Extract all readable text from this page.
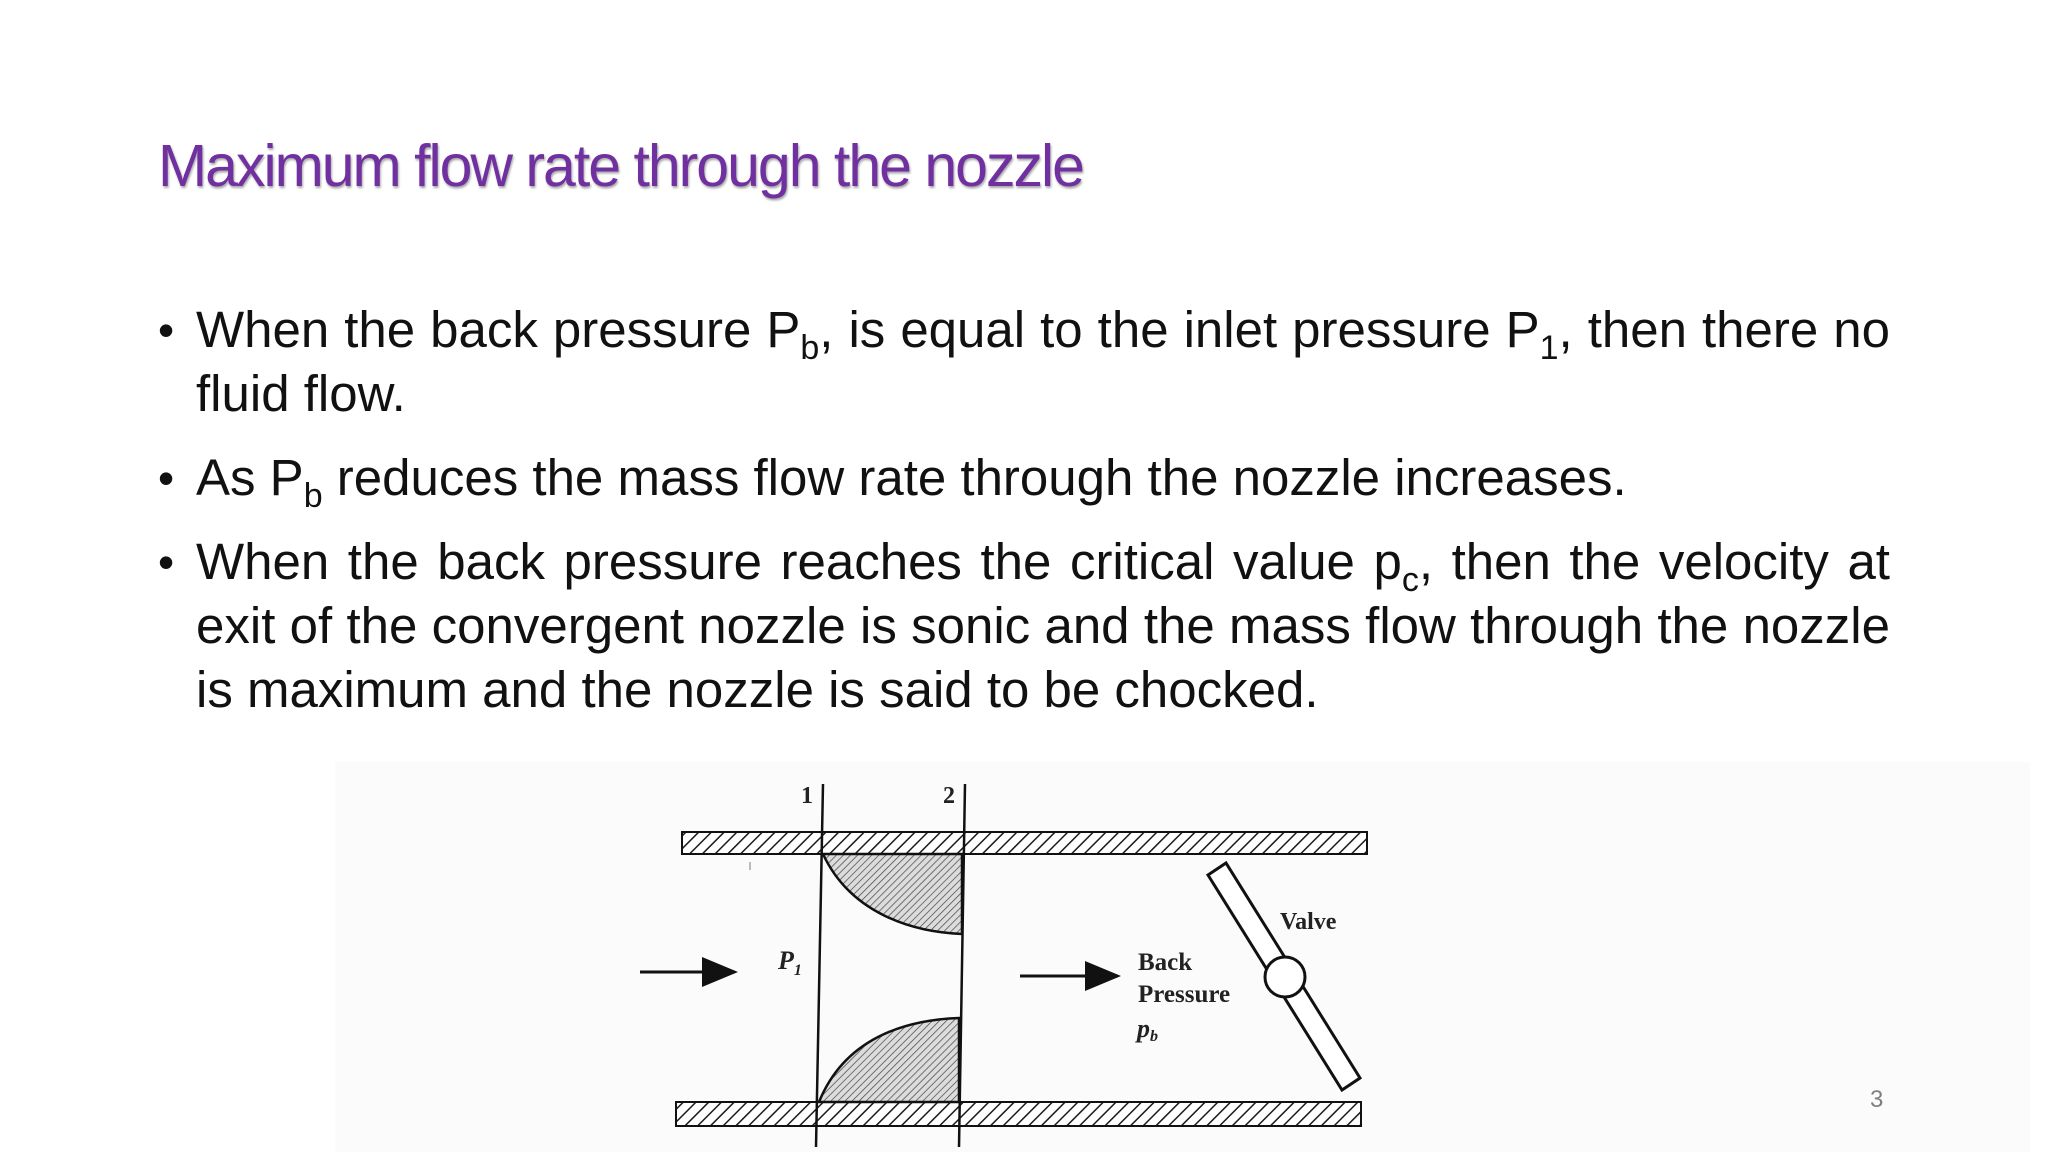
Maximum flow rate through the nozzle
• When the back pressure $P_b$, is equal to the inlet pressure $P_1$, then there no fluid flow.
• As $P_b$ reduces the mass flow rate through the nozzle increases.
• When the back pressure reaches the critical value $p_c$, then the velocity at exit of the convergent nozzle is sonic and the mass flow through the nozzle is maximum and the nozzle is said to be chocked.
1	2
$P_1$	Back
Pressure
pb
Valve
3
